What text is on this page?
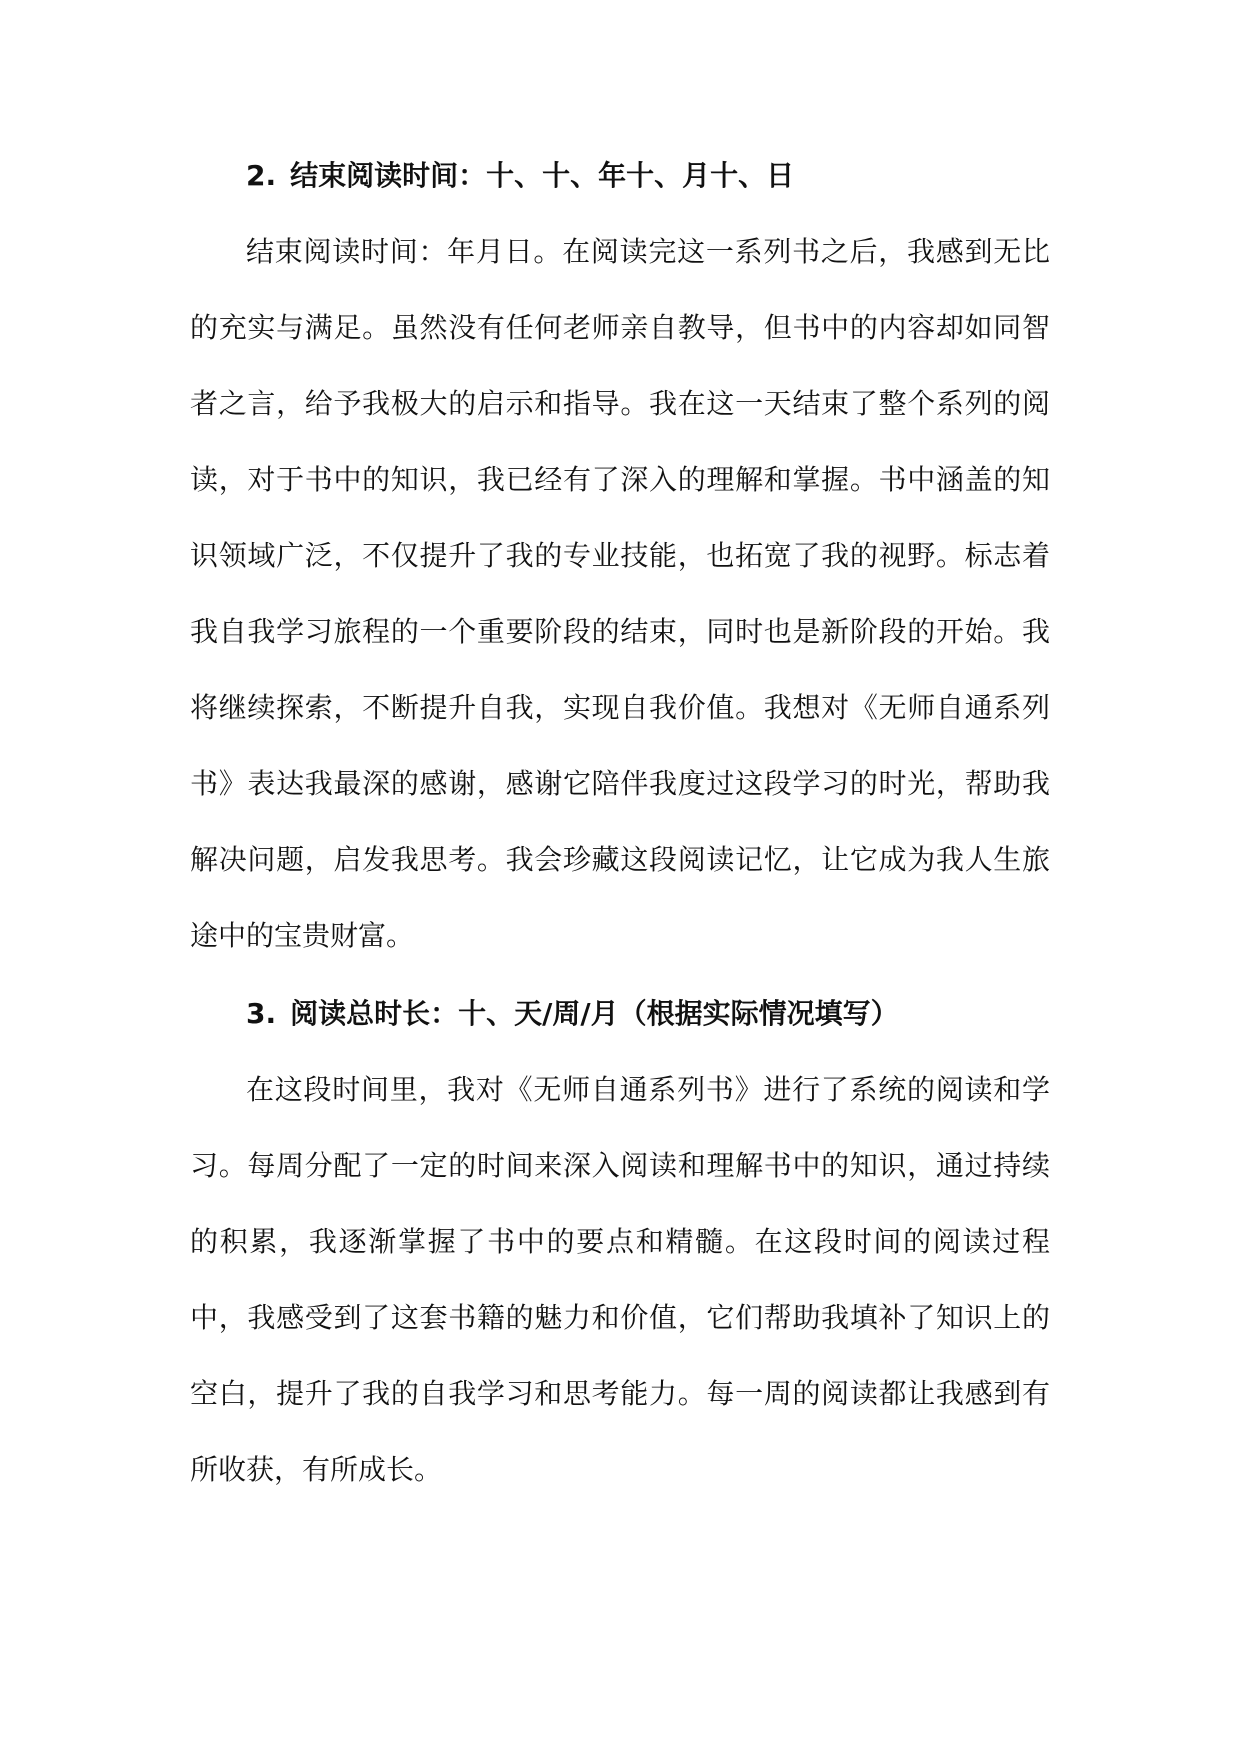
2. 结束阅读时间：十、十、年十、月十、日

结束阅读时间：年月日。在阅读完这一系列书之后，我感到无比的充实与满足。虽然没有任何老师亲自教导，但书中的内容却如同智者之言，给予我极大的启示和指导。我在这一天结束了整个系列的阅读，对于书中的知识，我已经有了深入的理解和掌握。书中涵盖的知识领域广泛，不仅提升了我的专业技能，也拓宽了我的视野。标志着我自我学习旅程的一个重要阶段的结束，同时也是新阶段的开始。我将继续探索，不断提升自我，实现自我价值。我想对《无师自通系列书》表达我最深的感谢，感谢它陪伴我度过这段学习的时光，帮助我解决问题，启发我思考。我会珍藏这段阅读记忆，让它成为我人生旅途中的宝贵财富。

3. 阅读总时长：十、天/周/月（根据实际情况填写）

在这段时间里，我对《无师自通系列书》进行了系统的阅读和学习。每周分配了一定的时间来深入阅读和理解书中的知识，通过持续的积累，我逐渐掌握了书中的要点和精髓。在这段时间的阅读过程中，我感受到了这套书籍的魅力和价值，它们帮助我填补了知识上的空白，提升了我的自我学习和思考能力。每一周的阅读都让我感到有所收获，有所成长。
